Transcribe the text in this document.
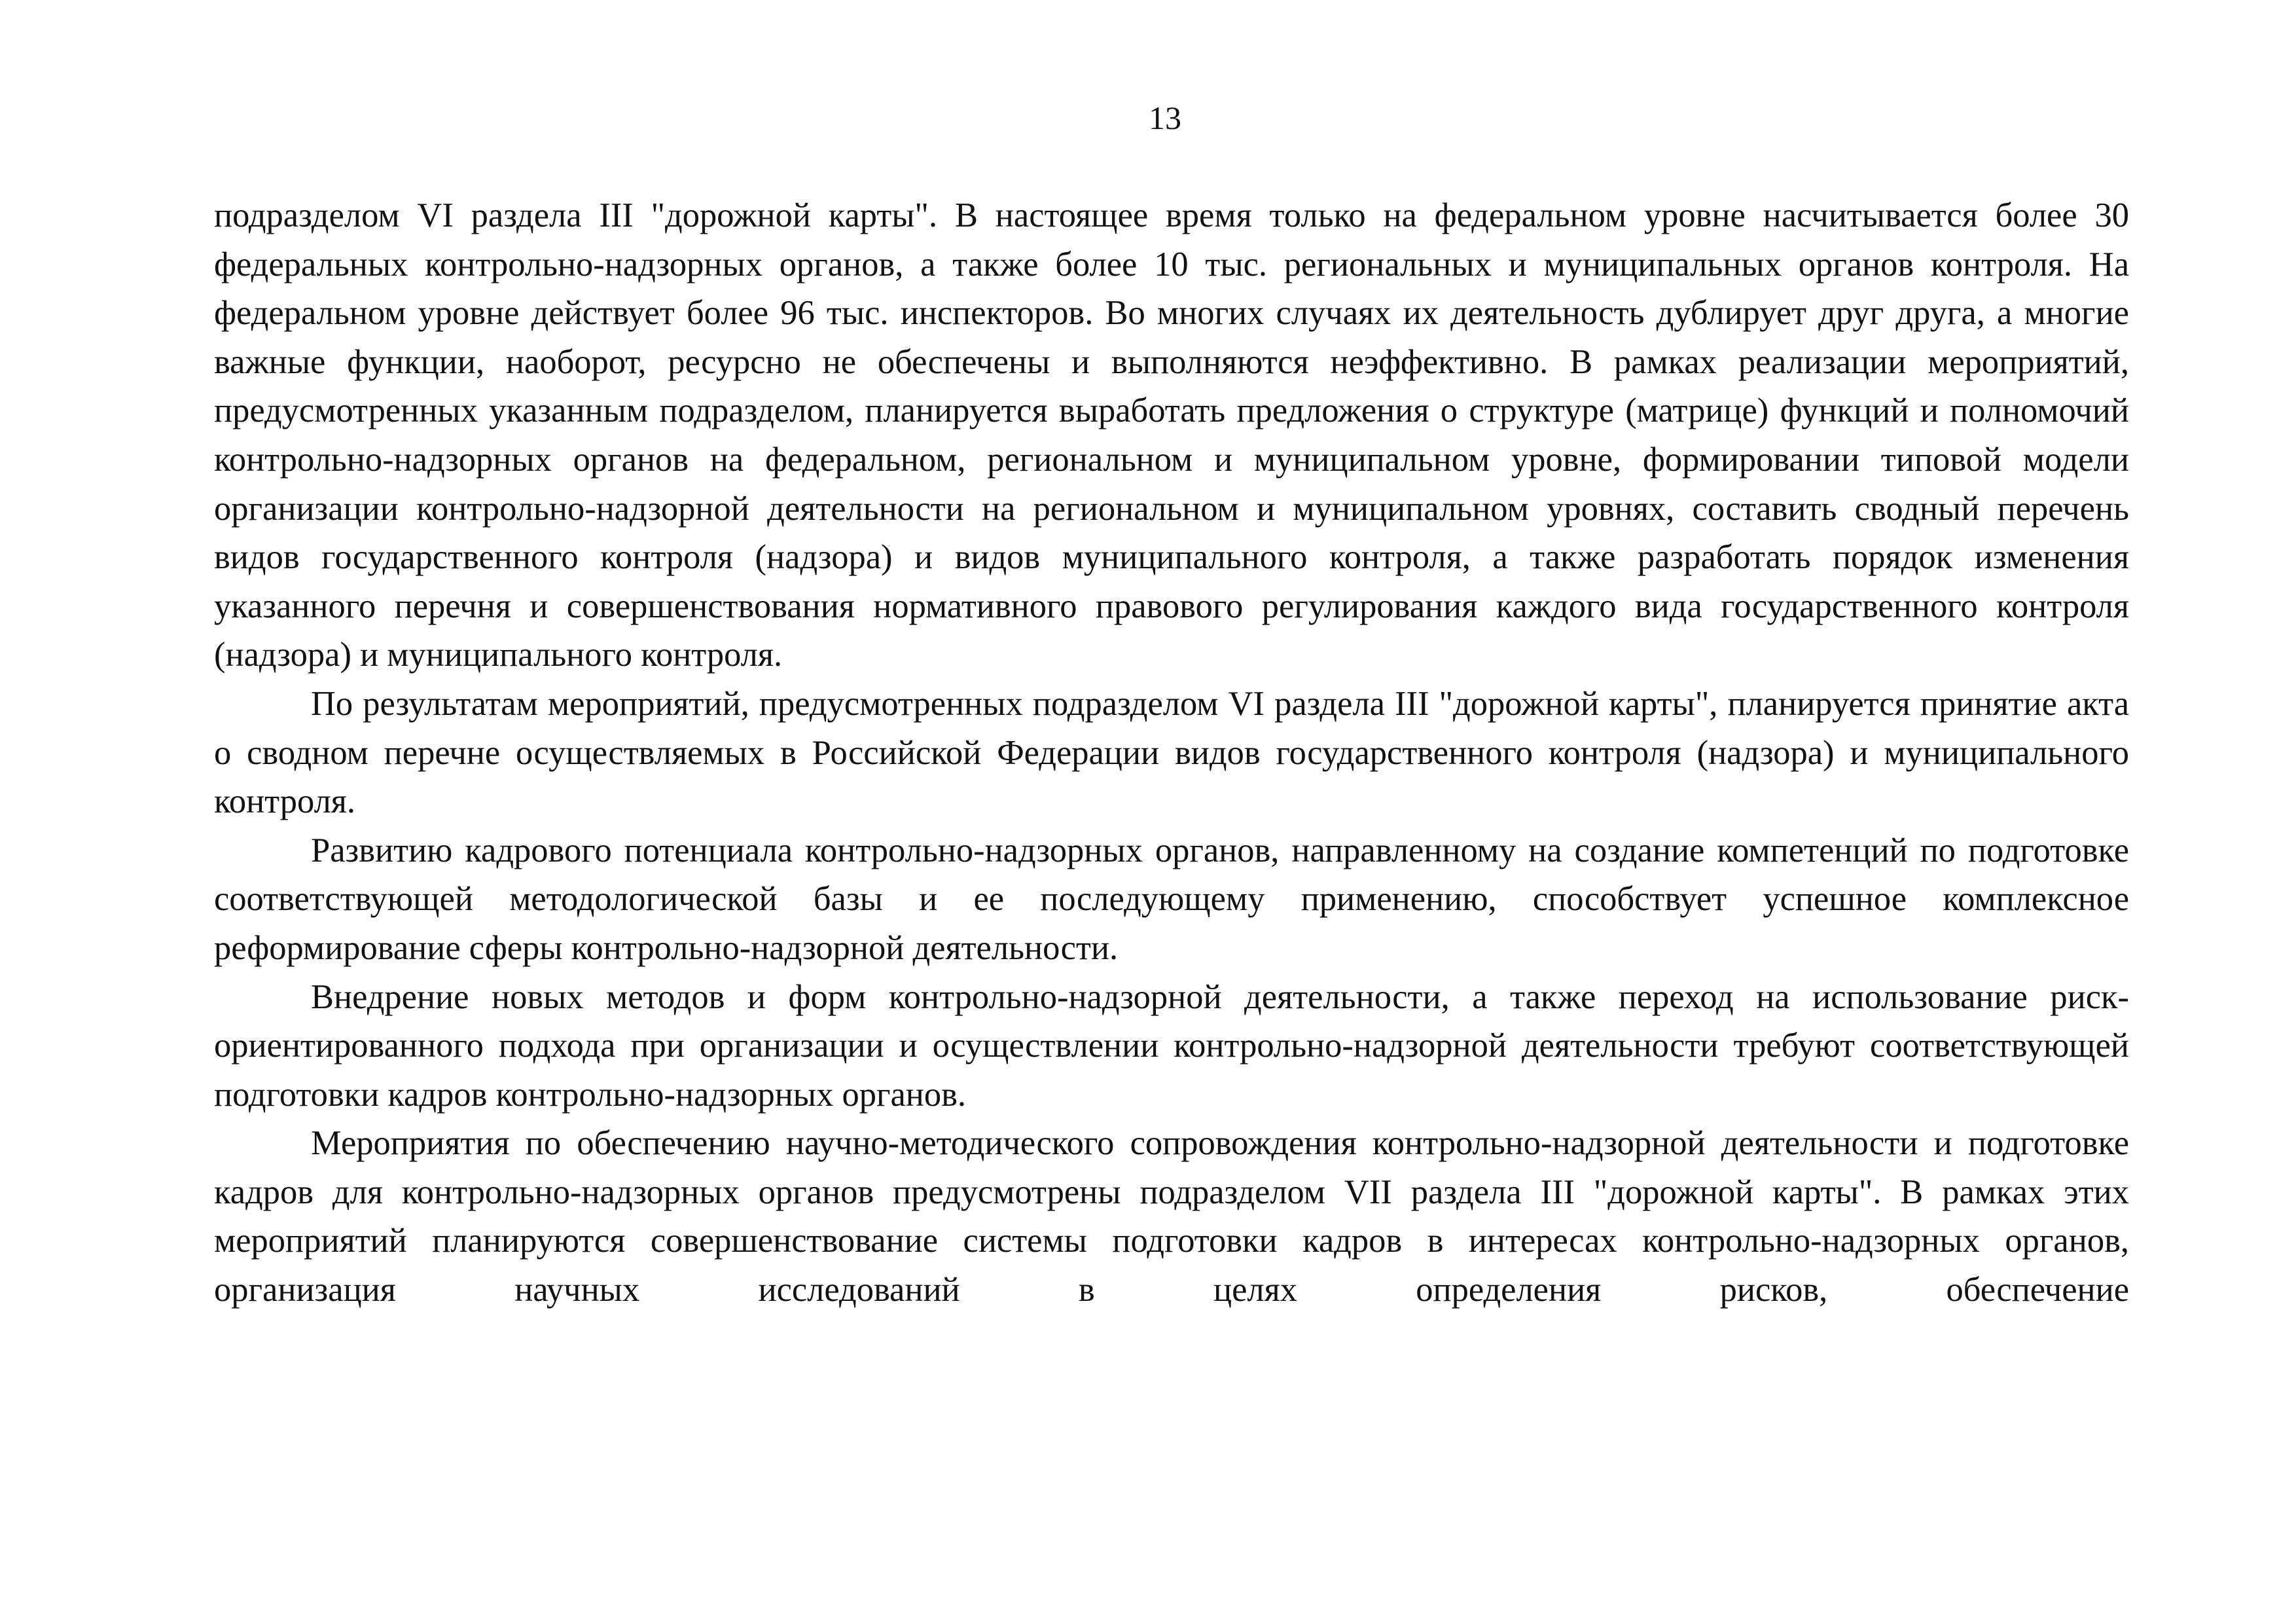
13

подразделом VI раздела III "дорожной карты". В настоящее время только на федеральном уровне насчитывается более 30 федеральных контрольно-надзорных органов, а также более 10 тыс. региональных и муниципальных органов контроля. На федеральном уровне действует более 96 тыс. инспекторов. Во многих случаях их деятельность дублирует друг друга, а многие важные функции, наоборот, ресурсно не обеспечены и выполняются неэффективно. В рамках реализации мероприятий, предусмотренных указанным подразделом, планируется выработать предложения о структуре (матрице) функций и полномочий контрольно-надзорных органов на федеральном, региональном и муниципальном уровне, формировании типовой модели организации контрольно-надзорной деятельности на региональном и муниципальном уровнях, составить сводный перечень видов государственного контроля (надзора) и видов муниципального контроля, а также разработать порядок изменения указанного перечня и совершенствования нормативного правового регулирования каждого вида государственного контроля (надзора) и муниципального контроля.

По результатам мероприятий, предусмотренных подразделом VI раздела III "дорожной карты", планируется принятие акта о сводном перечне осуществляемых в Российской Федерации видов государственного контроля (надзора) и муниципального контроля.

Развитию кадрового потенциала контрольно-надзорных органов, направленному на создание компетенций по подготовке соответствующей методологической базы и ее последующему применению, способствует успешное комплексное реформирование сферы контрольно-надзорной деятельности.

Внедрение новых методов и форм контрольно-надзорной деятельности, а также переход на использование риск-ориентированного подхода при организации и осуществлении контрольно-надзорной деятельности требуют соответствующей подготовки кадров контрольно-надзорных органов.

Мероприятия по обеспечению научно-методического сопровождения контрольно-надзорной деятельности и подготовке кадров для контрольно-надзорных органов предусмотрены подразделом VII раздела III "дорожной карты". В рамках этих мероприятий планируются совершенствование системы подготовки кадров в интересах контрольно-надзорных органов, организация научных исследований в целях определения рисков, обеспечение
